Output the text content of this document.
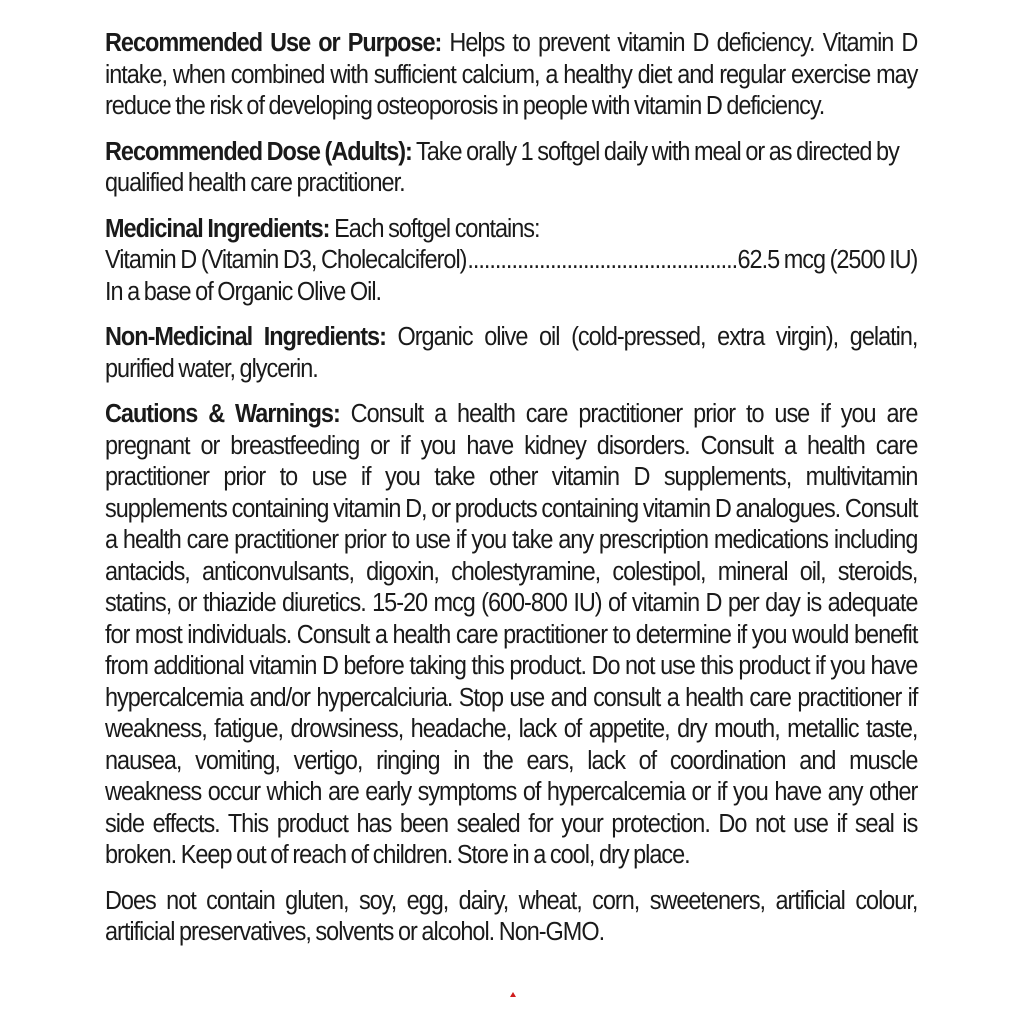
Recommended Use or Purpose: Helps to prevent vitamin D deficiency. Vitamin D intake, when combined with sufficient calcium, a healthy diet and regular exercise may reduce the risk of developing osteoporosis in people with vitamin D deficiency.

Recommended Dose (Adults): Take orally 1 softgel daily with meal or as directed by qualified health care practitioner.

Medicinal Ingredients: Each softgel contains:
Vitamin D (Vitamin D3, Cholecalciferol)
.....	62.5 mcg (2500 IU)
In a base of Organic Olive Oil.

Non-Medicinal Ingredients: Organic olive oil (cold-pressed, extra virgin), gelatin, purified water, glycerin.

Cautions & Warnings: Consult a health care practitioner prior to use if you are pregnant or breastfeeding or if you have kidney disorders. Consult a health care practitioner prior to use if you take other vitamin D supplements, multivitamin supplements containing vitamin D, or products containing vitamin D analogues. Consult a health care practitioner prior to use if you take any prescription medications including antacids, anticonvulsants, digoxin, cholestyramine, colestipol, mineral oil, steroids, statins, or thiazide diuretics. 15-20 mcg (600-800 IU) of vitamin D per day is adequate for most individuals. Consult a health care practitioner to determine if you would benefit from additional vitamin D before taking this product. Do not use this product if you have hypercalcemia and/or hypercalciuria. Stop use and consult a health care practitioner if weakness, fatigue, drowsiness, headache, lack of appetite, dry mouth, metallic taste, nausea, vomiting, vertigo, ringing in the ears, lack of coordination and muscle weakness occur which are early symptoms of hypercalcemia or if you have any other side effects. This product has been sealed for your protection. Do not use if seal is broken. Keep out of reach of children. Store in a cool, dry place.

Does not contain gluten, soy, egg, dairy, wheat, corn, sweeteners, artificial colour, artificial preservatives, solvents or alcohol. Non-GMO.
